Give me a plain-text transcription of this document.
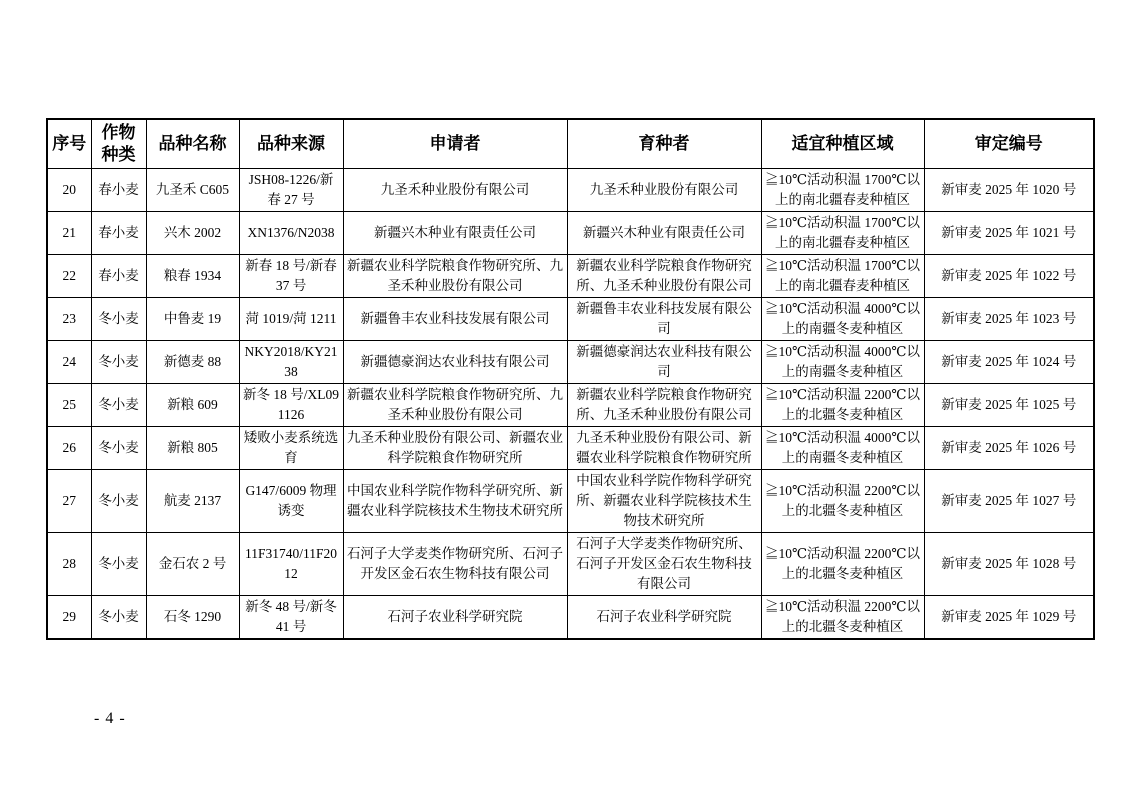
序号	作物种类	品种名称	品种来源	申请者	育种者	适宜种植区域	审定编号
20	春小麦	九圣禾 C605	JSH08-1226/新春 27 号	九圣禾种业股份有限公司	九圣禾种业股份有限公司	≧10℃活动积温 1700℃以上的南北疆春麦种植区	新审麦 2025 年 1020 号
21	春小麦	兴木 2002	XN1376/N2038	新疆兴木种业有限责任公司	新疆兴木种业有限责任公司	≧10℃活动积温 1700℃以上的南北疆春麦种植区	新审麦 2025 年 1021 号
22	春小麦	粮春 1934	新春 18 号/新春 37 号	新疆农业科学院粮食作物研究所、九圣禾种业股份有限公司	新疆农业科学院粮食作物研究所、九圣禾种业股份有限公司	≧10℃活动积温 1700℃以上的南北疆春麦种植区	新审麦 2025 年 1022 号
23	冬小麦	中鲁麦 19	菏 1019/菏 1211	新疆鲁丰农业科技发展有限公司	新疆鲁丰农业科技发展有限公司	≧10℃活动积温 4000℃以上的南疆冬麦种植区	新审麦 2025 年 1023 号
24	冬小麦	新德麦 88	NKY2018/KY2138	新疆德豪润达农业科技有限公司	新疆德豪润达农业科技有限公司	≧10℃活动积温 4000℃以上的南疆冬麦种植区	新审麦 2025 年 1024 号
25	冬小麦	新粮 609	新冬 18 号/XL091126	新疆农业科学院粮食作物研究所、九圣禾种业股份有限公司	新疆农业科学院粮食作物研究所、九圣禾种业股份有限公司	≧10℃活动积温 2200℃以上的北疆冬麦种植区	新审麦 2025 年 1025 号
26	冬小麦	新粮 805	矮败小麦系统选育	九圣禾种业股份有限公司、新疆农业科学院粮食作物研究所	九圣禾种业股份有限公司、新疆农业科学院粮食作物研究所	≧10℃活动积温 4000℃以上的南疆冬麦种植区	新审麦 2025 年 1026 号
27	冬小麦	航麦 2137	G147/6009 物理诱变	中国农业科学院作物科学研究所、新疆农业科学院核技术生物技术研究所	中国农业科学院作物科学研究所、新疆农业科学院核技术生物技术研究所	≧10℃活动积温 2200℃以上的北疆冬麦种植区	新审麦 2025 年 1027 号
28	冬小麦	金石农 2 号	11F31740/11F2012	石河子大学麦类作物研究所、石河子开发区金石农生物科技有限公司	石河子大学麦类作物研究所、石河子开发区金石农生物科技有限公司	≧10℃活动积温 2200℃以上的北疆冬麦种植区	新审麦 2025 年 1028 号
29	冬小麦	石冬 1290	新冬 48 号/新冬 41 号	石河子农业科学研究院	石河子农业科学研究院	≧10℃活动积温 2200℃以上的北疆冬麦种植区	新审麦 2025 年 1029 号
- 4 -
